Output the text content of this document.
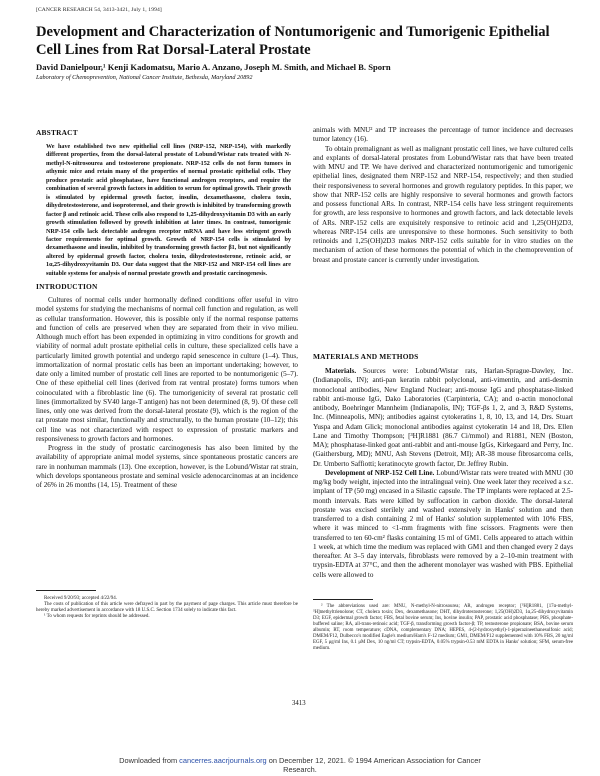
[CANCER RESEARCH 54, 3413-3421, July 1, 1994]
Development and Characterization of Nontumorigenic and Tumorigenic Epithelial Cell Lines from Rat Dorsal-Lateral Prostate
David Danielpour,¹ Kenji Kadomatsu, Mario A. Anzano, Joseph M. Smith, and Michael B. Sporn
Laboratory of Chemoprevention, National Cancer Institute, Bethesda, Maryland 20892
ABSTRACT
We have established two new epithelial cell lines (NRP-152, NRP-154), with markedly different properties, from the dorsal-lateral prostate of Lobund/Wistar rats treated with N-methyl-N-nitrosourea and testosterone propionate. NRP-152 cells do not form tumors in athymic mice and retain many of the properties of normal prostatic epithelial cells. They produce prostatic acid phosphatase, have functional androgen receptors, and require the combination of several growth factors in addition to serum for optimal growth. Their growth is stimulated by epidermal growth factor, insulin, dexamethasone, cholera toxin, dihydrotestosterone, and isoproterenol, and their growth is inhibited by transforming growth factor β and retinoic acid. These cells also respond to 1,25-dihydroxyvitamin D3 with an early growth stimulation followed by growth inhibition at later times. In contrast, tumorigenic NRP-154 cells lack detectable androgen receptor mRNA and have less stringent growth factor requirements for optimal growth. Growth of NRP-154 cells is stimulated by dexamethasone and insulin, inhibited by transforming growth factor β1, but not significantly altered by epidermal growth factor, cholera toxin, dihydrotestosterone, retinoic acid, or 1α,25-dihydroxyvitamin D3. Our data suggest that the NRP-152 and NRP-154 cell lines are suitable systems for analysis of normal prostate growth and prostatic carcinogenesis.
INTRODUCTION

Cultures of normal cells under hormonally defined conditions offer useful in vitro model systems for studying the mechanisms of normal cell function and regulation, as well as cellular transformation. However, this is possible only if the normal response patterns and function of cells are preserved when they are separated from their in vivo milieu. Although much effort has been expended in optimizing in vitro conditions for growth and viability of normal adult prostate epithelial cells in culture, these specialized cells have a particularly limited growth potential and undergo rapid senescence in culture (1–4). Thus, immortalization of normal prostatic cells has been an important undertaking; however, to date only a limited number of prostatic cell lines are reported to be nontumorigenic (5–7). One of these epithelial cell lines (derived from rat ventral prostate) forms tumors when coinoculated with a fibroblastic line (6). The tumorigenicity of several rat prostatic cell lines (immortalized by SV40 large-T antigen) has not been determined (8, 9). Of these cell lines, only one was derived from the dorsal-lateral prostate (9), which is the region of the rat prostate most similar, functionally and structurally, to the human prostate (10–12); this cell line was not characterized with respect to expression of prostatic markers and responsiveness to growth factors and hormones.

Progress in the study of prostatic carcinogenesis has also been limited by the availability of appropriate animal model systems, since spontaneous prostatic cancers are rare in nonhuman mammals (13). One exception, however, is the Lobund/Wistar rat strain, which develops spontaneous prostate and seminal vesicle adenocarcinomas at an incidence of 26% in 26 months (14, 15). Treatment of these

Received 9/20/93; accepted 4/22/94.

The costs of publication of this article were defrayed in part by the payment of page charges. This article must therefore be hereby marked advertisement in accordance with 18 U.S.C. Section 1734 solely to indicate this fact.

¹ To whom requests for reprints should be addressed.

animals with MNU² and TP increases the percentage of tumor incidence and decreases tumor latency (16).

To obtain premalignant as well as malignant prostatic cell lines, we have cultured cells and explants of dorsal-lateral prostates from Lobund/Wistar rats that have been treated with MNU and TP. We have derived and characterized nontumorigenic and tumorigenic epithelial lines, designated them NRP-152 and NRP-154, respectively; and then studied their responsiveness to several hormones and growth regulatory peptides. In this paper, we show that NRP-152 cells are highly responsive to several hormones and growth factors and possess functional ARs. In contrast, NRP-154 cells have less stringent requirements for growth, are less responsive to hormones and growth factors, and lack detectable levels of ARs. NRP-152 cells are exquisitely responsive to retinoic acid and 1,25(OH)2D3, whereas NRP-154 cells are unresponsive to these hormones. Such sensitivity to both retinoids and 1,25(OH)2D3 makes NRP-152 cells suitable for in vitro studies on the mechanism of action of these hormones the potential of which in the chemoprevention of breast and prostate cancer is currently under investigation.

MATERIALS AND METHODS

Materials. Sources were: Lobund/Wistar rats, Harlan-Sprague-Dawley, Inc. (Indianapolis, IN); anti-pan keratin rabbit polyclonal, anti-vimentin, and anti-desmin monoclonal antibodies, New England Nuclear; anti-mouse IgG and phosphatase-linked rabbit anti-mouse IgG, Dako Laboratories (Carpinteria, CA); and α-actin monoclonal antibody, Boehringer Mannheim (Indianapolis, IN); TGF-βs 1, 2, and 3, R&D Systems, Inc. (Minneapolis, MN); antibodies against cytokeratins 1, 8, 10, 13, and 14, Drs. Stuart Yuspa and Adam Glick; monoclonal antibodies against cytokeratin 14 and 18, Drs. Ellen Lane and Timothy Thompson; [³H]R1881 (86.7 Ci/mmol) and R1881, NEN (Boston, MA); phosphatase-linked goat anti-rabbit and anti-mouse IgGs, Kirkegaard and Perry, Inc. (Gaithersburg, MD); MNU, Ash Stevens (Detroit, MI); AR-38 mouse fibrosarcoma cells, Dr. Umberto Saffiotti; keratinocyte growth factor, Dr. Jeffrey Rubin.

Development of NRP-152 Cell Line. Lobund/Wistar rats were treated with MNU (30 mg/kg body weight, injected into the intralingual vein). One week later they received a s.c. implant of TP (50 mg) encased in a Silastic capsule. The TP implants were replaced at 2.5-month intervals. Rats were killed by suffocation in carbon dioxide. The dorsal-lateral prostate was excised sterilely and washed extensively in Hanks' solution and then transferred to a dish containing 2 ml of Hanks' solution supplemented with 10% FBS, where it was minced to <1-mm fragments with fine scissors. Fragments were then transferred to ten 60-cm² flasks containing 15 ml of GM1. Cells appeared to attach within 1 week, at which time the medium was replaced with GM1 and then changed every 2 days thereafter. At 3–5 day intervals, fibroblasts were removed by a 2–10-min treatment with trypsin-EDTA at 37°C, and then the adherent monolayer was washed with PBS. Epithelial cells were allowed to

² The abbreviations used are: MNU, N-methyl-N-nitrosourea; AR, androgen receptor; [³H]R1881, [17α-methyl-³H]methyltrienolone; CT, cholera toxin; Dex, dexamethasone; DHT, dihydrotestosterone; 1,25(OH)2D3, 1α,25-dihydroxyvitamin D3; EGF, epidermal growth factor; FBS, fetal bovine serum; Ins, bovine insulin; PAP, prostatic acid phosphatase; PBS, phosphate-buffered saline; RA, all-trans-retinoic acid; TGF-β, transforming growth factor-β; TP, testosterone propionate; BSA, bovine serum albumin; RT, room temperature; cDNA, complementary DNA; HEPES, 4-(2-hydroxyethyl)-1-piperazineethanesulfonic acid; DMEM/F12, Dulbecco's modified Eagle's medium/Ham's F-12 medium; GM1, DMEM/F12 supplemented with 10% FBS, 20 ng/ml EGF, 5 μg/ml Ins, 0.1 μM Dex, 10 ng/ml CT; trypsin-EDTA, 0.05% trypsin-0.53 mM EDTA in Hanks' solution; SFM, serum-free medium.

3413
Downloaded from cancerres.aacrjournals.org on December 12, 2021. © 1994 American Association for Cancer
Research.
